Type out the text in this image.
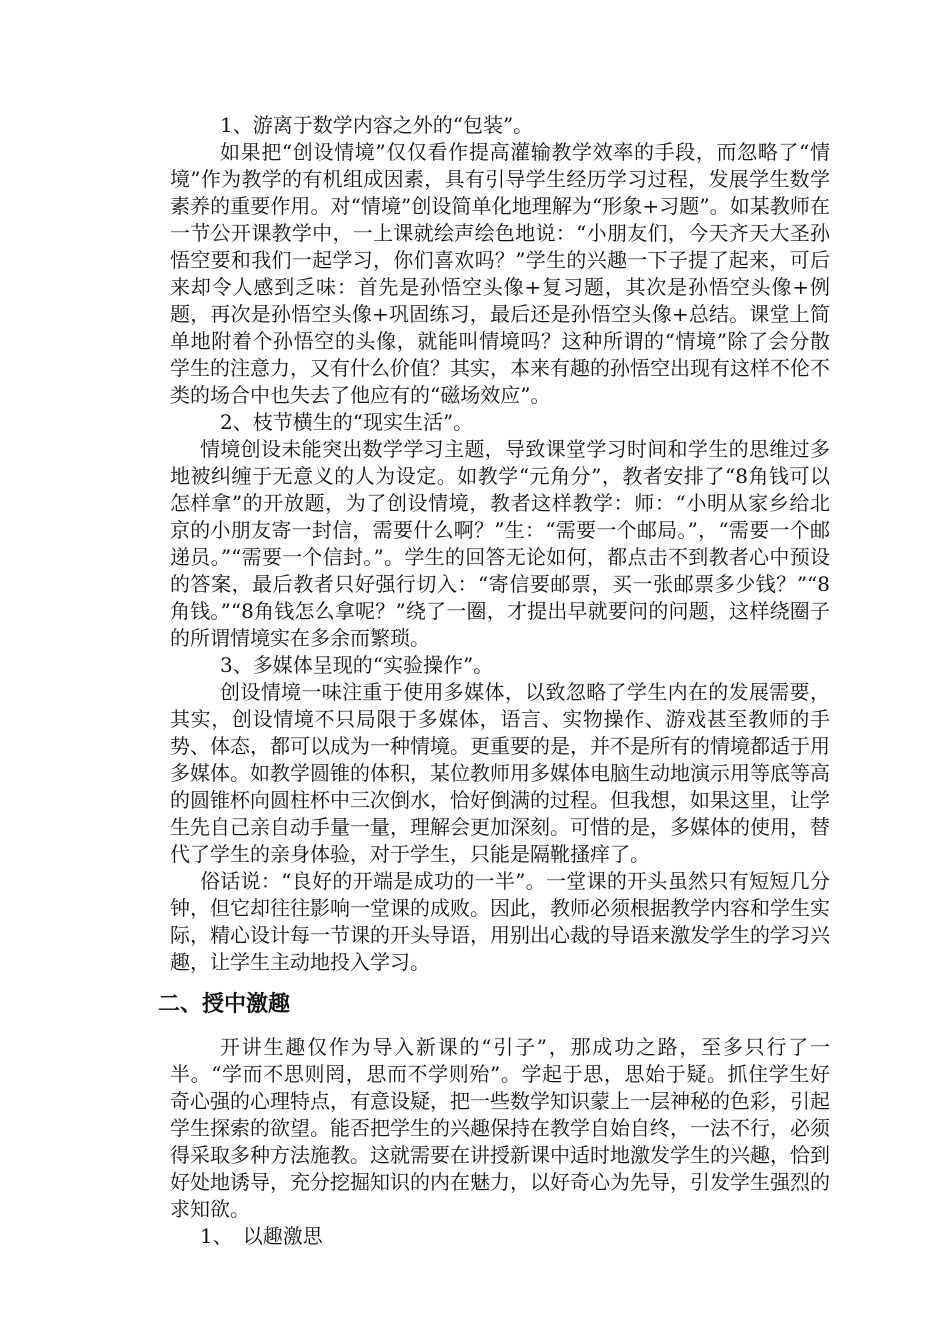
1、游离于数学内容之外的“包装”。

如果把“创设情境”仅仅看作提高灌输教学效率的手段，而忽略了“情境”作为教学的有机组成因素，具有引导学生经历学习过程，发展学生数学素养的重要作用。对“情境”创设简单化地理解为“形象+习题”。如某教师在一节公开课教学中，一上课就绘声绘色地说：“小朋友们，今天齐天大圣孙悟空要和我们一起学习，你们喜欢吗？”学生的兴趣一下子提了起来，可后来却令人感到乏味：首先是孙悟空头像+复习题，其次是孙悟空头像+例题，再次是孙悟空头像+巩固练习，最后还是孙悟空头像+总结。课堂上简单地附着个孙悟空的头像，就能叫情境吗？这种所谓的“情境”除了会分散学生的注意力，又有什么价值？其实，本来有趣的孙悟空出现有这样不伦不类的场合中也失去了他应有的“磁场效应”。

2、枝节横生的“现实生活”。

情境创设未能突出数学学习主题，导致课堂学习时间和学生的思维过多地被纠缠于无意义的人为设定。如教学“元角分”，教者安排了“8角钱可以怎样拿”的开放题，为了创设情境，教者这样教学：师：“小明从家乡给北京的小朋友寄一封信，需要什么啊？”生：“需要一个邮局。”，“需要一个邮递员。”“需要一个信封。”。学生的回答无论如何，都点击不到教者心中预设的答案，最后教者只好强行切入：“寄信要邮票，买一张邮票多少钱？”“8角钱。”“8角钱怎么拿呢？”绕了一圈，才提出早就要问的问题，这样绕圈子的所谓情境实在多余而繁琐。

3、多媒体呈现的“实验操作”。

创设情境一味注重于使用多媒体，以致忽略了学生内在的发展需要，其实，创设情境不只局限于多媒体，语言、实物操作、游戏甚至教师的手势、体态，都可以成为一种情境。更重要的是，并不是所有的情境都适于用多媒体。如教学圆锥的体积，某位教师用多媒体电脑生动地演示用等底等高的圆锥杯向圆柱杯中三次倒水，恰好倒满的过程。但我想，如果这里，让学生先自己亲自动手量一量，理解会更加深刻。可惜的是，多媒体的使用，替代了学生的亲身体验，对于学生，只能是隔靴搔痒了。

俗话说：“良好的开端是成功的一半”。一堂课的开头虽然只有短短几分钟，但它却往往影响一堂课的成败。因此，教师必须根据教学内容和学生实际，精心设计每一节课的开头导语，用别出心裁的导语来激发学生的学习兴趣，让学生主动地投入学习。

二、授中激趣

开讲生趣仅作为导入新课的“引子”，那成功之路，至多只行了一半。“学而不思则罔，思而不学则殆”。学起于思，思始于疑。抓住学生好奇心强的心理特点，有意设疑，把一些数学知识蒙上一层神秘的色彩，引起学生探索的欲望。能否把学生的兴趣保持在教学自始自终，一法不行，必须得采取多种方法施教。这就需要在讲授新课中适时地激发学生的兴趣，恰到好处地诱导，充分挖掘知识的内在魅力，以好奇心为先导，引发学生强烈的求知欲。

1、　以趣激思
